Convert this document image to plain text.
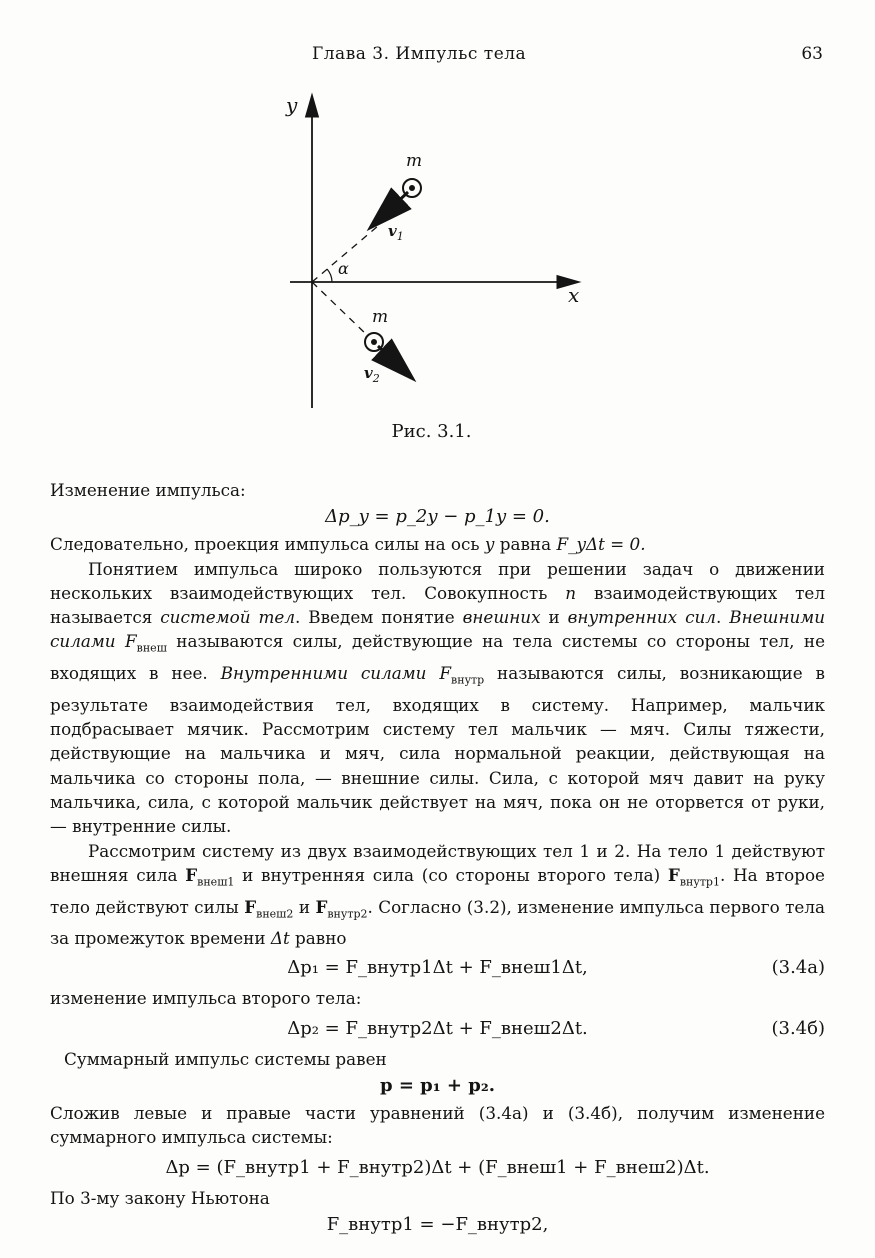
Глава 3. Импульс тела	63
y
x
m
$v_1$
α
m
$v_2$
Рис. 3.1.

Изменение импульса:

Δp_y = p_2y − p_1y = 0.

Следовательно, проекция импульса силы на ось y равна F_yΔt = 0.

Понятием импульса широко пользуются при решении задач о движении нескольких взаимодействующих тел. Совокупность n взаимодействующих тел называется системой тел. Введем понятие внешних и внутренних сил. Внешними силами $F_{внеш}$ называются силы, действующие на тела системы со стороны тел, не входящих в нее. Внутренними силами $F_{внутр}$ называются силы, возникающие в результате взаимодействия тел, входящих в систему. Например, мальчик подбрасывает мячик. Рассмотрим систему тел мальчик — мяч. Силы тяжести, действующие на мальчика и мяч, сила нормальной реакции, действующая на мальчика со стороны пола, — внешние силы. Сила, с которой мяч давит на руку мальчика, сила, с которой мальчик действует на мяч, пока он не оторвется от руки, — внутренние силы.

Рассмотрим систему из двух взаимодействующих тел 1 и 2. На тело 1 действуют внешняя сила $F_{внеш1}$ и внутренняя сила (со стороны второго тела) $F_{внутр1}$. На второе тело действуют силы $F_{внеш2}$ и $F_{внутр2}$. Согласно (3.2), изменение импульса первого тела за промежуток времени Δt равно

Δp₁ = F_внутр1Δt + F_внеш1Δt,	(3.4а)

изменение импульса второго тела:

Δp₂ = F_внутр2Δt + F_внеш2Δt.	(3.4б)

Суммарный импульс системы равен

p = p₁ + p₂.

Сложив левые и правые части уравнений (3.4а) и (3.4б), получим изменение суммарного импульса системы:

Δp = (F_внутр1 + F_внутр2)Δt + (F_внеш1 + F_внеш2)Δt.

По 3-му закону Ньютона

F_внутр1 = −F_внутр2,
